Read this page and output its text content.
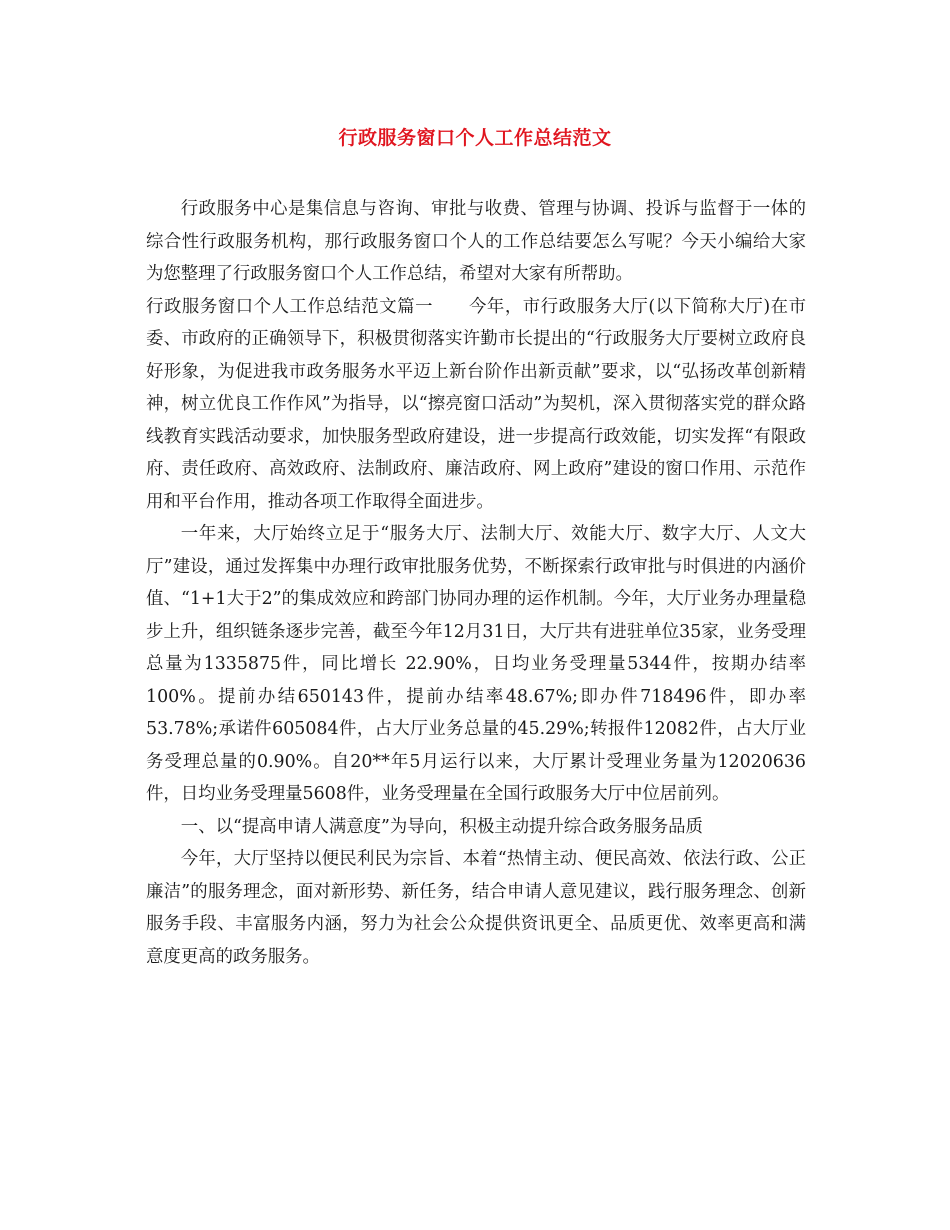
行政服务窗口个人工作总结范文

行政服务中心是集信息与咨询、审批与收费、管理与协调、投诉与监督于一体的综合性行政服务机构，那行政服务窗口个人的工作总结要怎么写呢？今天小编给大家为您整理了行政服务窗口个人工作总结，希望对大家有所帮助。

行政服务窗口个人工作总结范文篇一　　今年，市行政服务大厅(以下简称大厅)在市委、市政府的正确领导下，积极贯彻落实许勤市长提出的“行政服务大厅要树立政府良好形象，为促进我市政务服务水平迈上新台阶作出新贡献”要求，以“弘扬改革创新精神，树立优良工作作风”为指导，以“擦亮窗口活动”为契机，深入贯彻落实党的群众路线教育实践活动要求，加快服务型政府建设，进一步提高行政效能，切实发挥“有限政府、责任政府、高效政府、法制政府、廉洁政府、网上政府”建设的窗口作用、示范作用和平台作用，推动各项工作取得全面进步。

一年来，大厅始终立足于“服务大厅、法制大厅、效能大厅、数字大厅、人文大厅”建设，通过发挥集中办理行政审批服务优势，不断探索行政审批与时俱进的内涵价值、“1+1大于2”的集成效应和跨部门协同办理的运作机制。今年，大厅业务办理量稳步上升，组织链条逐步完善，截至今年12月31日，大厅共有进驻单位35家，业务受理总量为1335875件，同比增长 22.90%，日均业务受理量5344件，按期办结率100%。提前办结650143件，提前办结率48.67%;即办件718496件，即办率53.78%;承诺件605084件，占大厅业务总量的45.29%;转报件12082件，占大厅业务受理总量的0.90%。自20**年5月运行以来，大厅累计受理业务量为12020636件，日均业务受理量5608件，业务受理量在全国行政服务大厅中位居前列。

一、以“提高申请人满意度”为导向，积极主动提升综合政务服务品质

今年，大厅坚持以便民利民为宗旨、本着“热情主动、便民高效、依法行政、公正廉洁”的服务理念，面对新形势、新任务，结合申请人意见建议，践行服务理念、创新服务手段、丰富服务内涵，努力为社会公众提供资讯更全、品质更优、效率更高和满意度更高的政务服务。
